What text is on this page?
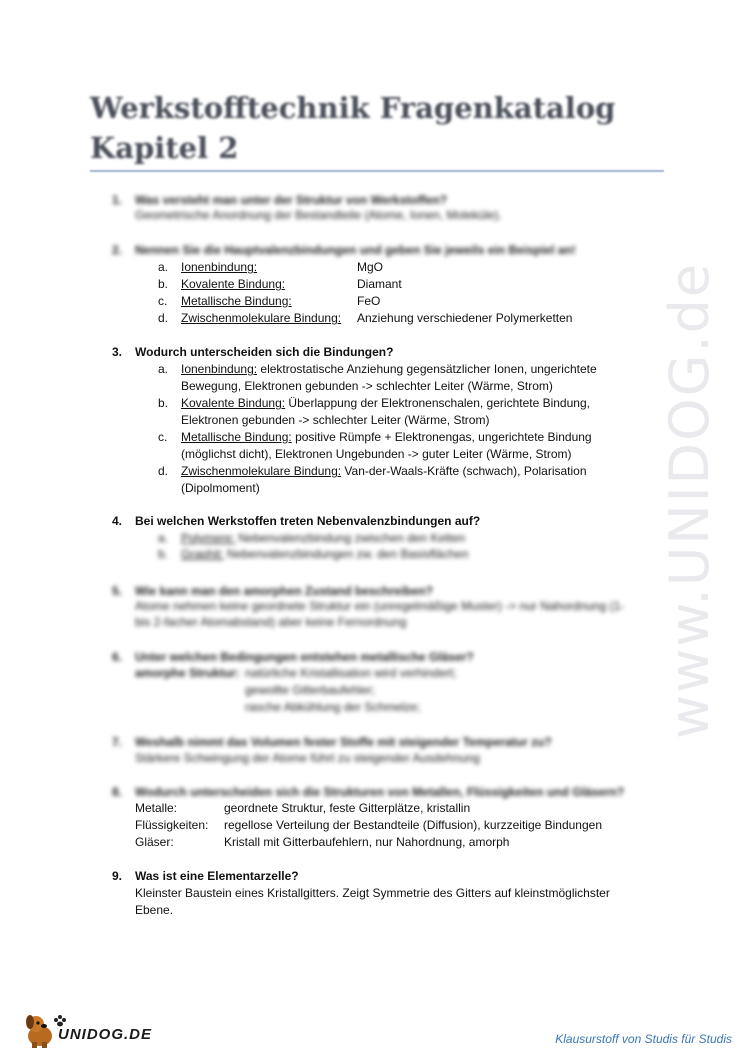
Werkstofftechnik Fragenkatalog
Kapitel 2
www.UNIDOG.de
1. Was versteht man unter der Struktur von Werkstoffen?
Geometrische Anordnung der Bestandteile (Atome, Ionen, Moleküle).
2. Nennen Sie die Hauptvalenzbindungen und geben Sie jeweils ein Beispiel an!
a. Ionenbindung:	MgO
b. Kovalente Bindung:	Diamant
c. Metallische Bindung:	FeO
d. Zwischenmolekulare Bindung: Anziehung verschiedener Polymerketten
3. Wodurch unterscheiden sich die Bindungen?
a. Ionenbindung: elektrostatische Anziehung gegensätzlicher Ionen, ungerichtete
Bewegung, Elektronen gebunden -> schlechter Leiter (Wärme, Strom)
b. Kovalente Bindung: Überlappung der Elektronenschalen, gerichtete Bindung,
Elektronen gebunden -> schlechter Leiter (Wärme, Strom)
c. Metallische Bindung: positive Rümpfe + Elektronengas, ungerichtete Bindung
(möglichst dicht), Elektronen Ungebunden -> guter Leiter (Wärme, Strom)
d. Zwischenmolekulare Bindung: Van-der-Waals-Kräfte (schwach), Polarisation
(Dipolmoment)
4. Bei welchen Werkstoffen treten Nebenvalenzbindungen auf?
a. Polymere: Nebenvalenzbindung zwischen den Ketten
b. Graphit: Nebenvalenzbindungen zw. den Basisflächen
5. Wie kann man den amorphen Zustand beschreiben?
Atome nehmen keine geordnete Struktur ein (unregelmäßige Muster) -> nur Nahordnung (1-
bis 2-facher Atomabstand) aber keine Fernordnung
6. Unter welchen Bedingungen entstehen metallische Gläser?
amorphe Struktur: natürliche Kristallisation wird verhindert;
gewollte Gitterbaufehler;
rasche Abkühlung der Schmelze;
7. Weshalb nimmt das Volumen fester Stoffe mit steigender Temperatur zu?
Stärkere Schwingung der Atome führt zu steigender Ausdehnung
8. Wodurch unterscheiden sich die Strukturen von Metallen, Flüssigkeiten und Gläsern?
Metalle:	geordnete Struktur, feste Gitterplätze, kristallin
Flüssigkeiten: regellose Verteilung der Bestandteile (Diffusion), kurzzeitige Bindungen
Gläser:	Kristall mit Gitterbaufehlern, nur Nahordnung, amorph
9. Was ist eine Elementarzelle?
Kleinster Baustein eines Kristallgitters. Zeigt Symmetrie des Gitters auf kleinstmöglichster
Ebene.
UNIDOG.DE	Klausurstoff von Studis für Studis
